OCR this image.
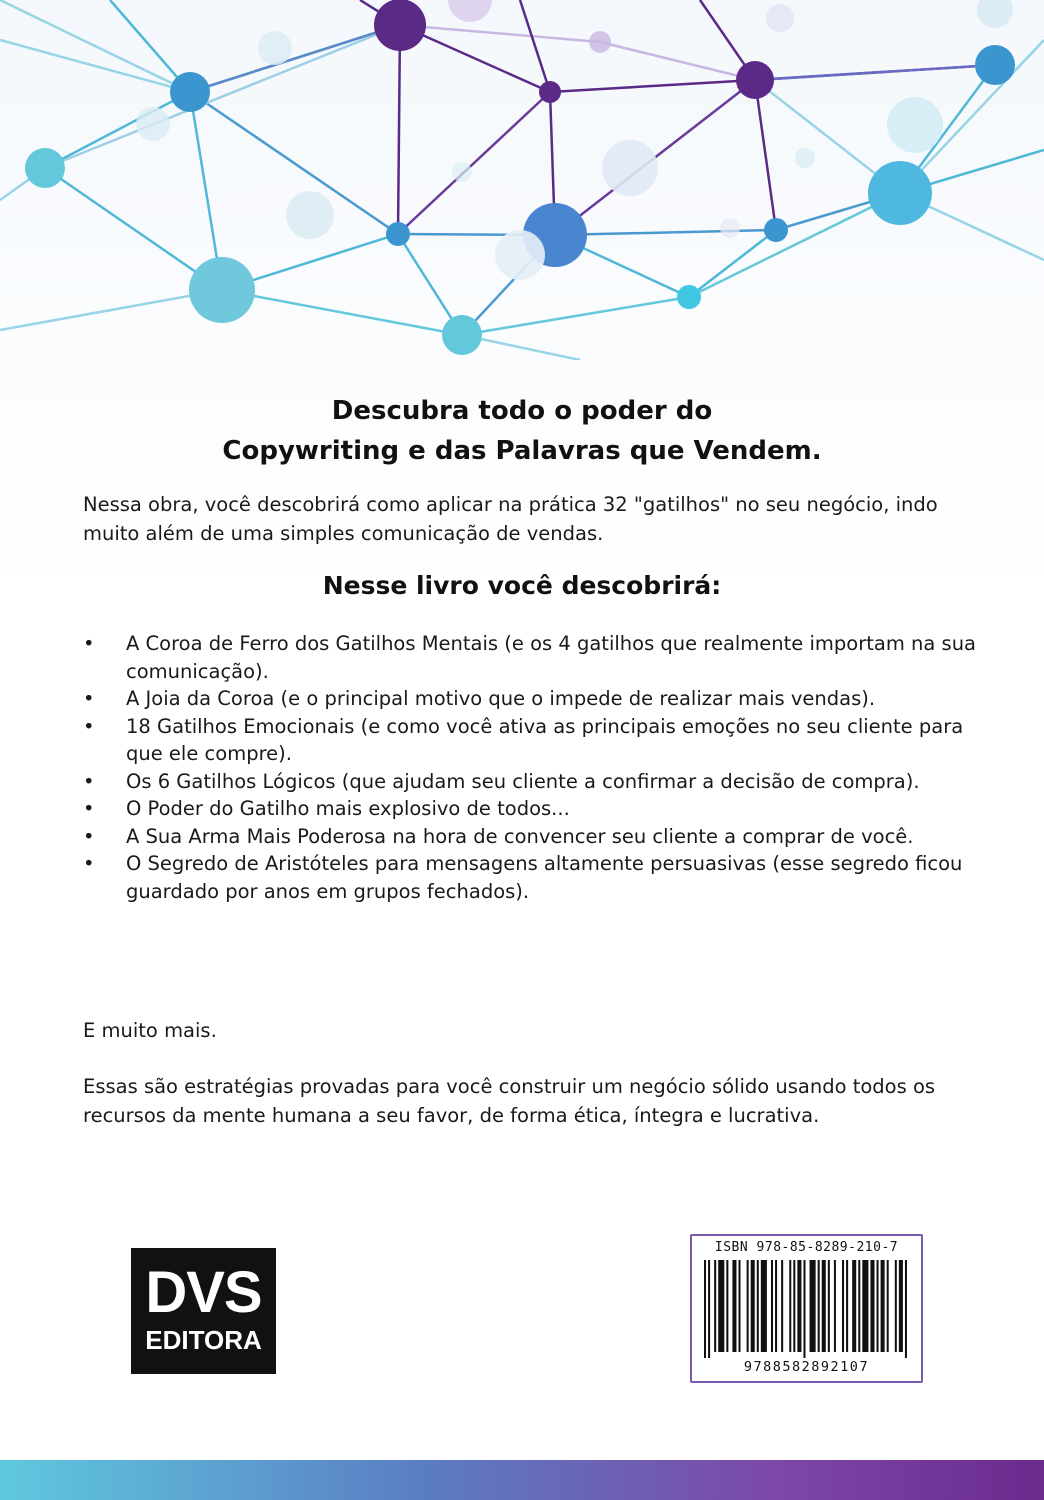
Descubra todo o poder do
Copywriting e das Palavras que Vendem.
Nessa obra, você descobrirá como aplicar na prática 32 "gatilhos" no seu negócio, indo muito além de uma simples comunicação de vendas.
Nesse livro você descobrirá:
• A Coroa de Ferro dos Gatilhos Mentais (e os 4 gatilhos que realmente importam na sua comunicação).
• A Joia da Coroa (e o principal motivo que o impede de realizar mais vendas).
• 18 Gatilhos Emocionais (e como você ativa as principais emoções no seu cliente para que ele compre).
• Os 6 Gatilhos Lógicos (que ajudam seu cliente a confirmar a decisão de compra).
• O Poder do Gatilho mais explosivo de todos...
• A Sua Arma Mais Poderosa na hora de convencer seu cliente a comprar de você.
• O Segredo de Aristóteles para mensagens altamente persuasivas (esse segredo ficou guardado por anos em grupos fechados).
E muito mais.
Essas são estratégias provadas para você construir um negócio sólido usando todos os recursos da mente humana a seu favor, de forma ética, íntegra e lucrativa.
DVS
EDITORA
ISBN 978-85-8289-210-7
9788582892107
